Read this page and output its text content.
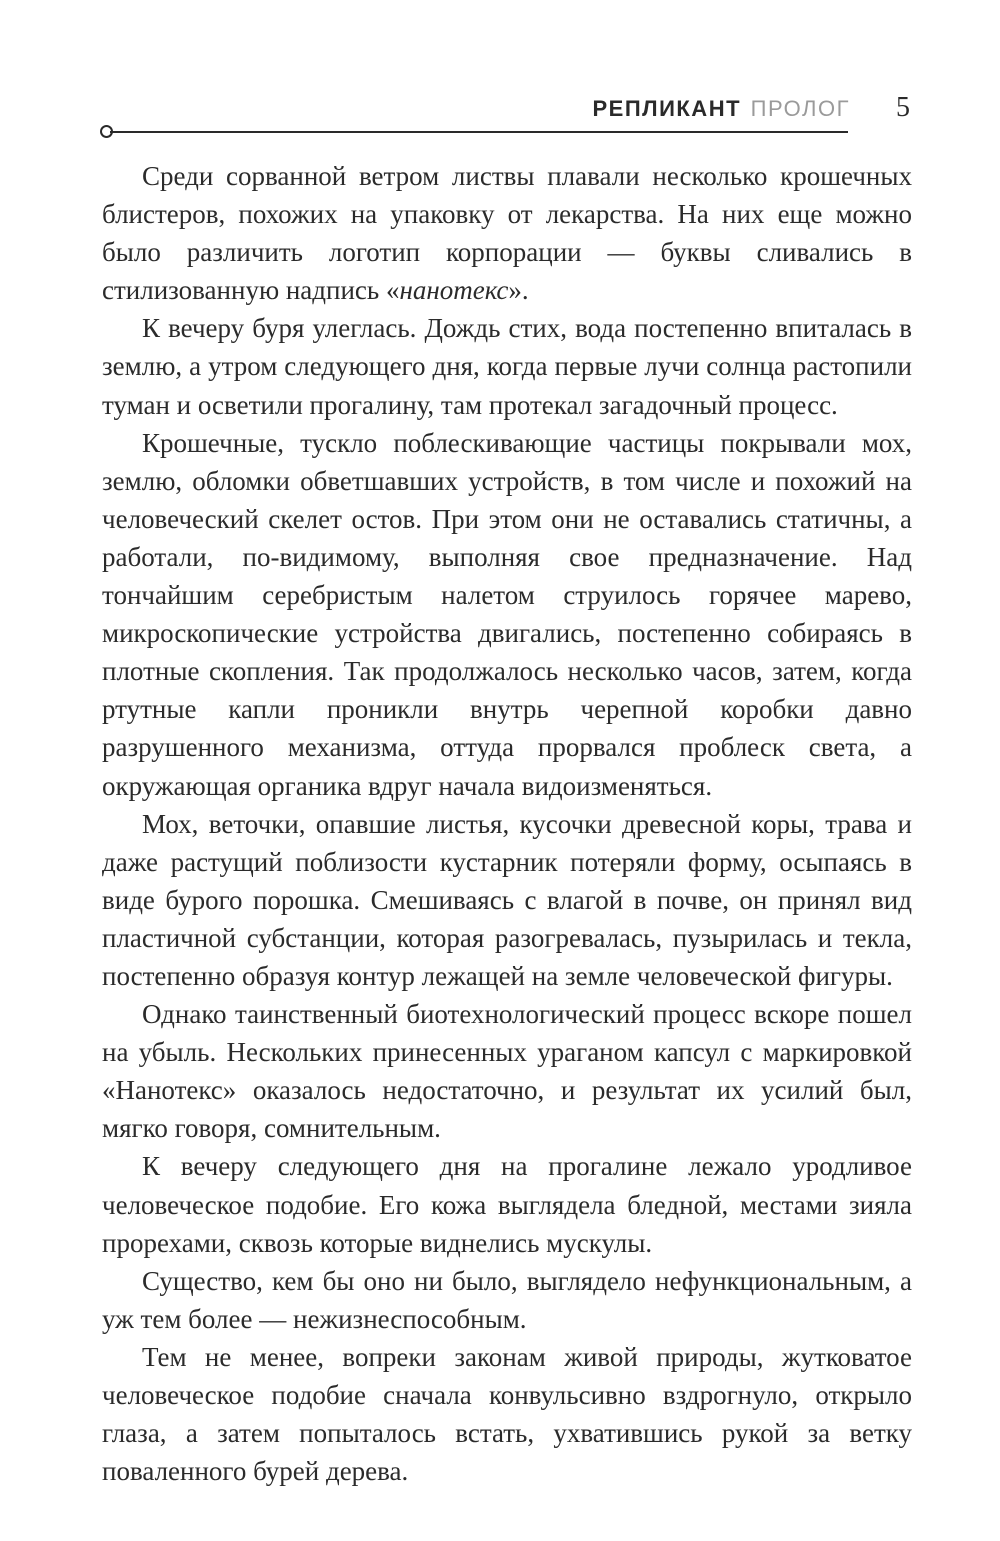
РЕПЛИКАНТ ПРОЛОГ 5

Среди сорванной ветром листвы плавали несколько крошечных блистеров, похожих на упаковку от лекарства. На них еще можно было различить логотип корпорации — буквы сливались в стилизованную надпись «нанотекс».

К вечеру буря улеглась. Дождь стих, вода постепенно впиталась в землю, а утром следующего дня, когда первые лучи солнца растопили туман и осветили прогалину, там протекал загадочный процесс.

Крошечные, тускло поблескивающие частицы покрывали мох, землю, обломки обветшавших устройств, в том числе и похожий на человеческий скелет остов. При этом они не оставались статичны, а работали, по-видимому, выполняя свое предназначение. Над тончайшим серебристым налетом струилось горячее марево, микроскопические устройства двигались, постепенно собираясь в плотные скопления. Так продолжалось несколько часов, затем, когда ртутные капли проникли внутрь черепной коробки давно разрушенного механизма, оттуда прорвался проблеск света, а окружающая органика вдруг начала видоизменяться.

Мох, веточки, опавшие листья, кусочки древесной коры, трава и даже растущий поблизости кустарник потеряли форму, осыпаясь в виде бурого порошка. Смешиваясь с влагой в почве, он принял вид пластичной субстанции, которая разогревалась, пузырилась и текла, постепенно образуя контур лежащей на земле человеческой фигуры.

Однако таинственный биотехнологический процесс вскоре пошел на убыль. Нескольких принесенных ураганом капсул с маркировкой «Нанотекс» оказалось недостаточно, и результат их усилий был, мягко говоря, сомнительным.

К вечеру следующего дня на прогалине лежало уродливое человеческое подобие. Его кожа выглядела бледной, местами зияла прорехами, сквозь которые виднелись мускулы.

Существо, кем бы оно ни было, выглядело нефункциональным, а уж тем более — нежизнеспособным.

Тем не менее, вопреки законам живой природы, жутковатое человеческое подобие сначала конвульсивно вздрогнуло, открыло глаза, а затем попыталось встать, ухватившись рукой за ветку поваленного бурей дерева.
